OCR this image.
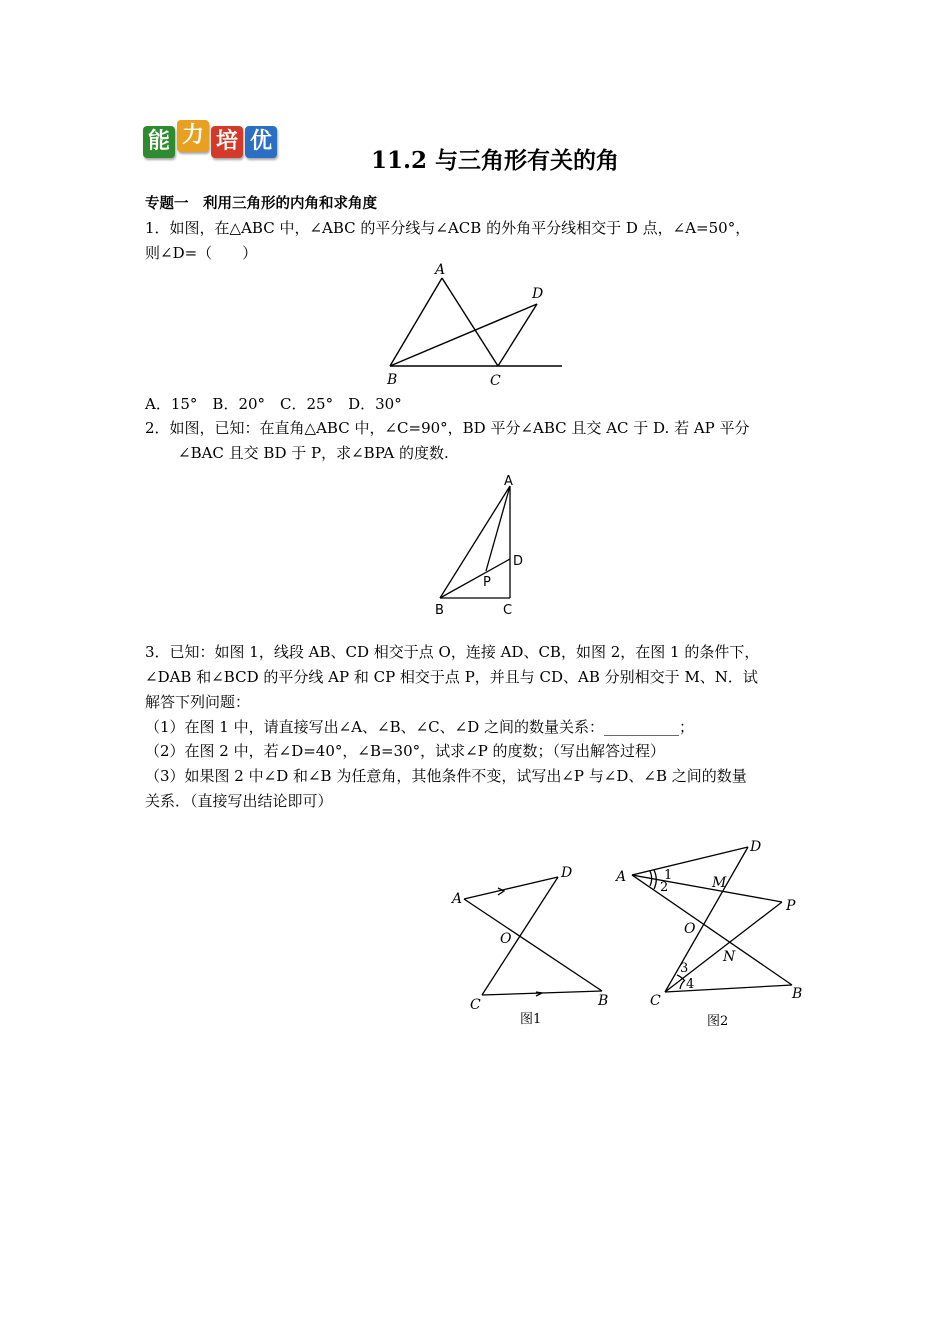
能 力 培 优
11.2 与三角形有关的角
专题一　利用三角形的内角和求角度
1．如图，在△ABC 中，∠ABC 的平分线与∠ACB 的外角平分线相交于 D 点，∠A=50°，
则∠D=（　　）
A
D
B	C
A．15°　B．20°　C．25°　D．30°
2．如图，已知：在直角△ABC 中，∠C=90°，BD 平分∠ABC 且交 AC 于 D. 若 AP 平分
∠BAC 且交 BD 于 P，求∠BPA 的度数.
A
D
P
B	C
3．已知：如图 1，线段 AB、CD 相交于点 O，连接 AD、CB，如图 2，在图 1 的条件下，
∠DAB 和∠BCD 的平分线 AP 和 CP 相交于点 P，并且与 CD、AB 分别相交于 M、N．试
解答下列问题：
（1）在图 1 中，请直接写出∠A、∠B、∠C、∠D 之间的数量关系：__________；
（2）在图 2 中，若∠D=40°，∠B=30°，试求∠P 的度数；（写出解答过程）
（3）如果图 2 中∠D 和∠B 为任意角，其他条件不变，试写出∠P 与∠D、∠B 之间的数量
关系．（直接写出结论即可）
A
D
O
C	B
图1
A
D
M
P
O
N
C	B
1
2
3
4
图2
